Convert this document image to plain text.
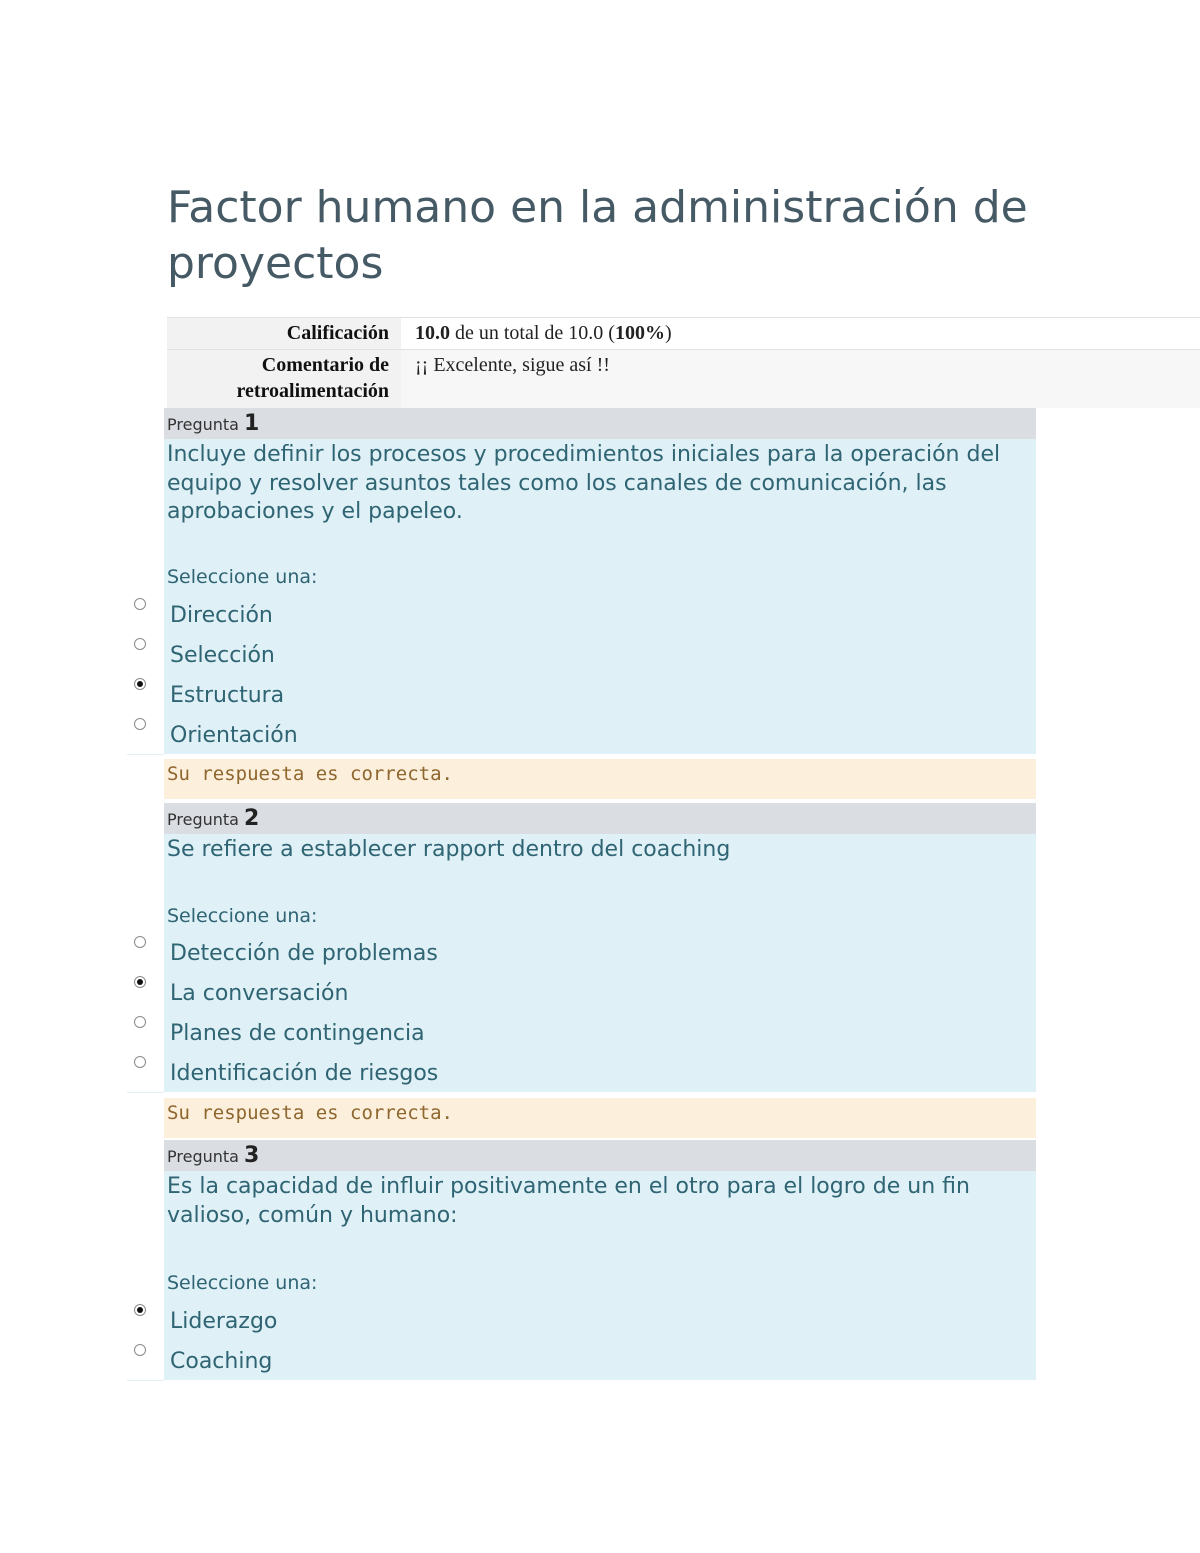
Factor humano en la administración de proyectos
Calificación	10.0 de un total de 10.0 (100%)
Comentario de retroalimentación
¡¡ Excelente, sigue así !!
Pregunta 1
Incluye definir los procesos y procedimientos iniciales para la operación del equipo y resolver asuntos tales como los canales de comunicación, las aprobaciones y el papeleo.
Seleccione una:
Dirección
Selección
Estructura
Orientación
Su respuesta es correcta.
Pregunta 2
Se refiere a establecer rapport dentro del coaching
Seleccione una:
Detección de problemas
La conversación
Planes de contingencia
Identificación de riesgos
Su respuesta es correcta.
Pregunta 3
Es la capacidad de influir positivamente en el otro para el logro de un fin valioso, común y humano:
Seleccione una:
Liderazgo
Coaching
